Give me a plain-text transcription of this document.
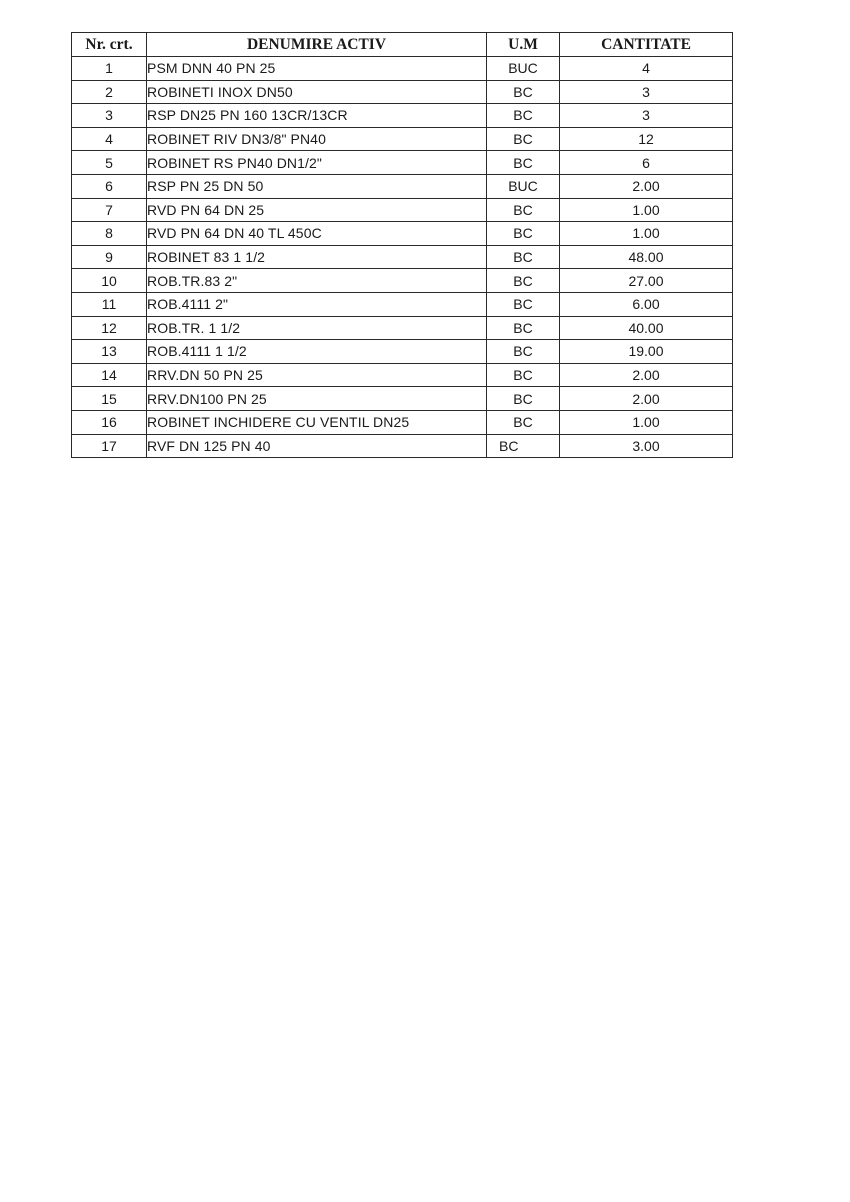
Nr. crt.	DENUMIRE ACTIV	U.M	CANTITATE
1	PSM DNN 40 PN 25	BUC	4
2	ROBINETI INOX DN50	BC	3
3	RSP DN25 PN 160 13CR/13CR	BC	3
4	ROBINET RIV DN3/8" PN40	BC	12
5	ROBINET RS PN40 DN1/2"	BC	6
6	RSP PN 25 DN 50	BUC	2.00
7	RVD PN 64 DN 25	BC	1.00
8	RVD PN 64 DN 40 TL 450C	BC	1.00
9	ROBINET 83 1 1/2	BC	48.00
10	ROB.TR.83 2"	BC	27.00
11	ROB.4111 2"	BC	6.00
12	ROB.TR. 1 1/2	BC	40.00
13	ROB.4111 1 1/2	BC	19.00
14	RRV.DN 50 PN 25	BC	2.00
15	RRV.DN100 PN 25	BC	2.00
16	ROBINET INCHIDERE CU VENTIL DN25	BC	1.00
17	RVF DN 125 PN 40	BC	3.00
